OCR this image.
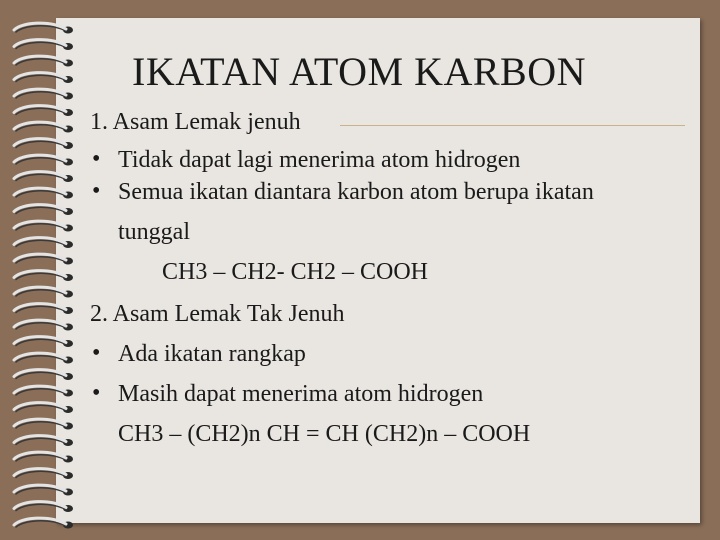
IKATAN ATOM KARBON
1. Asam Lemak jenuh
• Tidak dapat lagi menerima atom hidrogen
• Semua ikatan diantara karbon atom berupa ikatan
tunggal
CH3 – CH2- CH2 – COOH
2. Asam Lemak Tak Jenuh
• Ada ikatan rangkap
• Masih dapat menerima atom hidrogen
CH3 – (CH2)n CH = CH (CH2)n – COOH
